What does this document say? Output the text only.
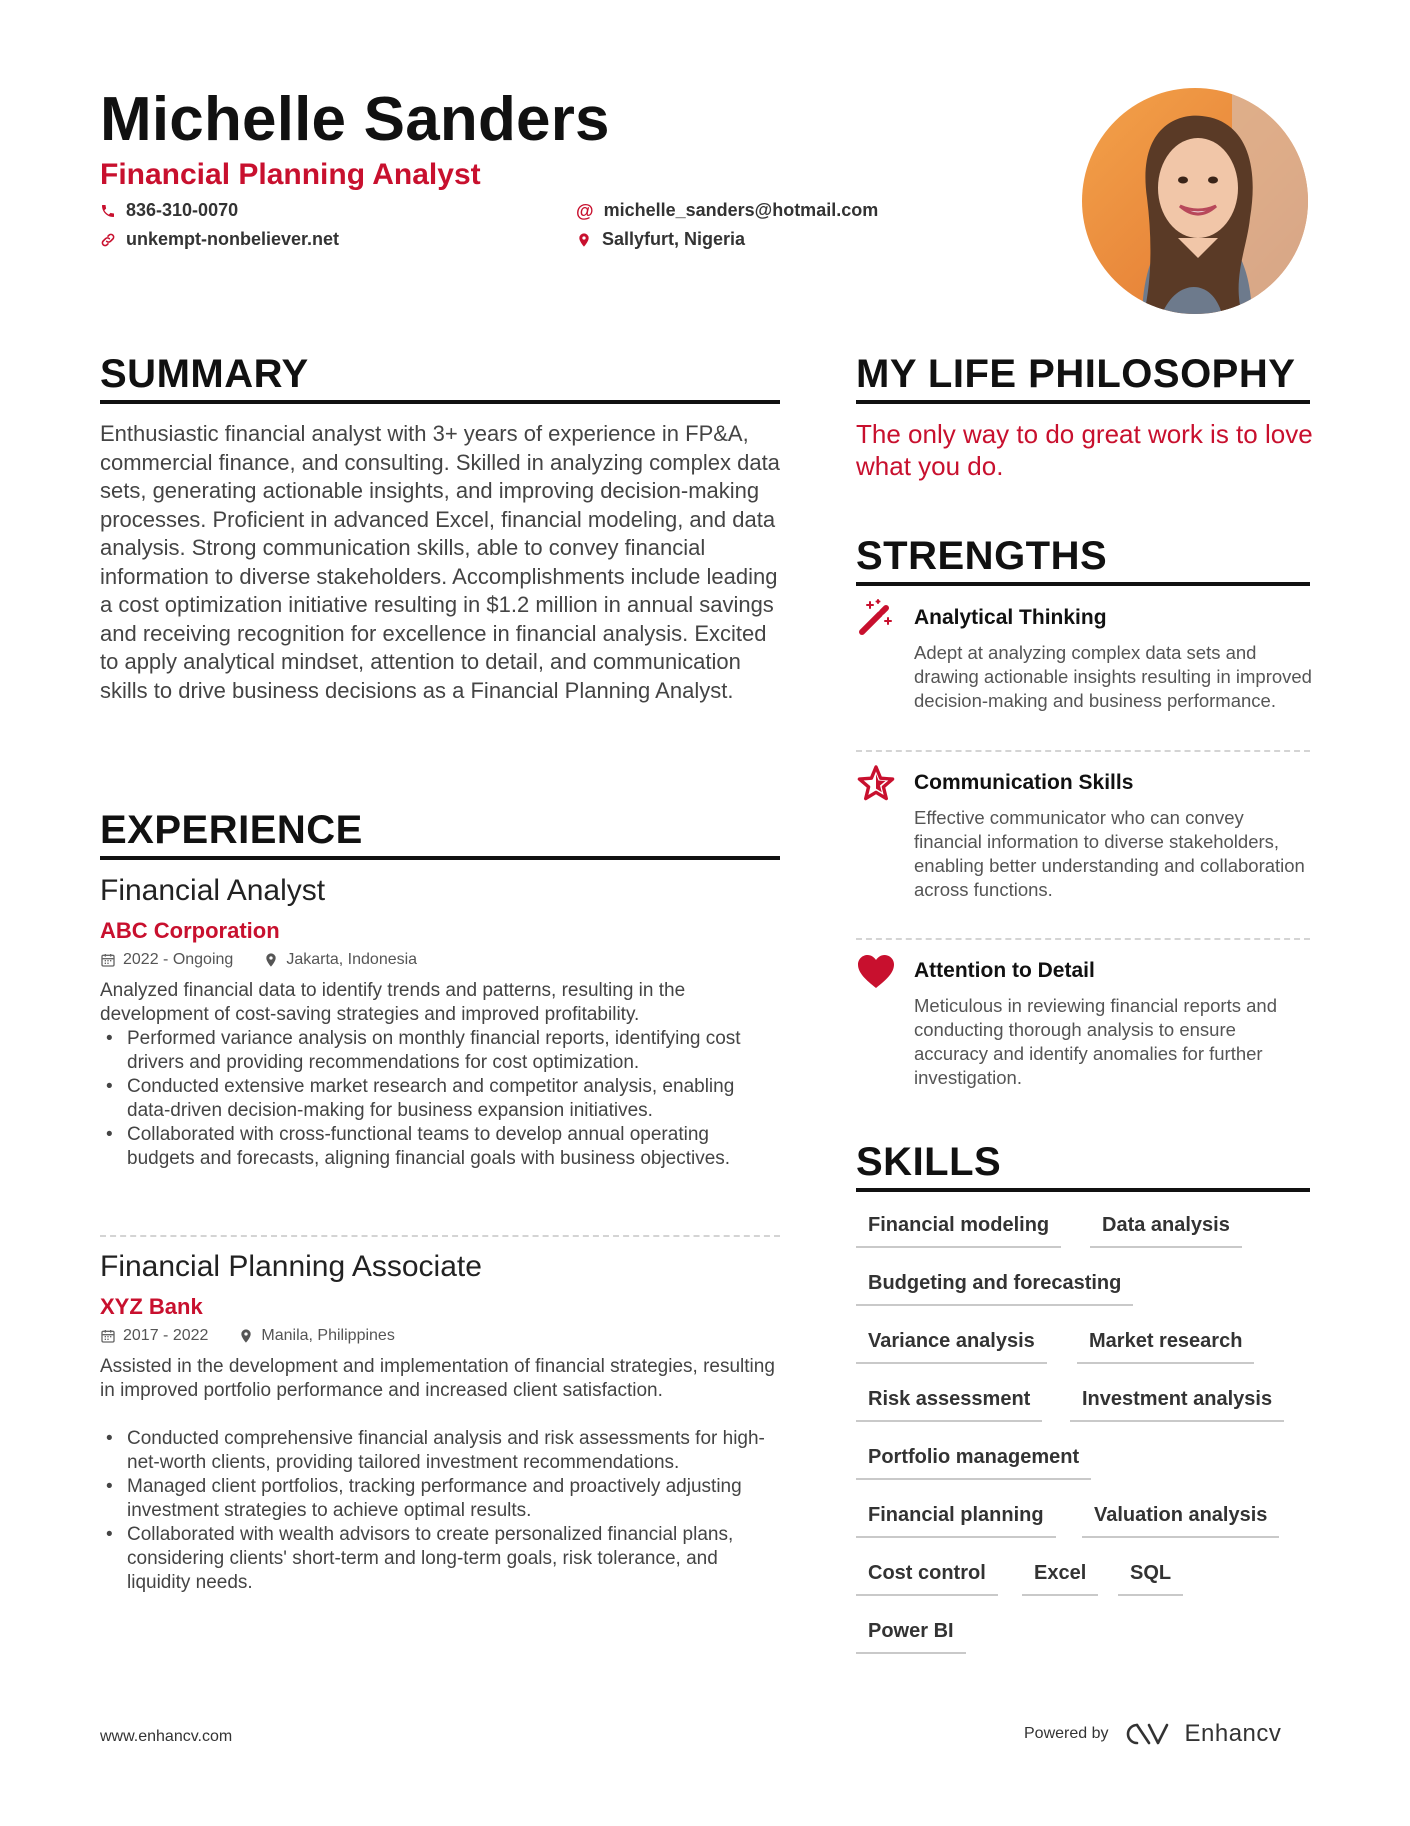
Michelle Sanders
Financial Planning Analyst
836-310-0070
unkempt-nonbeliever.net
@ michelle_sanders@hotmail.com
Sallyfurt, Nigeria
SUMMARY
Enthusiastic financial analyst with 3+ years of experience in FP&A, commercial finance, and consulting. Skilled in analyzing complex data sets, generating actionable insights, and improving decision-making processes. Proficient in advanced Excel, financial modeling, and data analysis. Strong communication skills, able to convey financial information to diverse stakeholders. Accomplishments include leading a cost optimization initiative resulting in $1.2 million in annual savings and receiving recognition for excellence in financial analysis. Excited to apply analytical mindset, attention to detail, and communication skills to drive business decisions as a Financial Planning Analyst.
EXPERIENCE
Financial Analyst
ABC Corporation
2022 - Ongoing	Jakarta, Indonesia
Analyzed financial data to identify trends and patterns, resulting in the development of cost-saving strategies and improved profitability.
• Performed variance analysis on monthly financial reports, identifying cost drivers and providing recommendations for cost optimization.
• Conducted extensive market research and competitor analysis, enabling data-driven decision-making for business expansion initiatives.
• Collaborated with cross-functional teams to develop annual operating budgets and forecasts, aligning financial goals with business objectives.
Financial Planning Associate
XYZ Bank
2017 - 2022	Manila, Philippines
Assisted in the development and implementation of financial strategies, resulting in improved portfolio performance and increased client satisfaction.
• Conducted comprehensive financial analysis and risk assessments for high-net-worth clients, providing tailored investment recommendations.
• Managed client portfolios, tracking performance and proactively adjusting investment strategies to achieve optimal results.
• Collaborated with wealth advisors to create personalized financial plans, considering clients' short-term and long-term goals, risk tolerance, and liquidity needs.
MY LIFE PHILOSOPHY
The only way to do great work is to love what you do.
STRENGTHS
Analytical Thinking
Adept at analyzing complex data sets and drawing actionable insights resulting in improved decision-making and business performance.
Communication Skills
Effective communicator who can convey financial information to diverse stakeholders, enabling better understanding and collaboration across functions.
Attention to Detail
Meticulous in reviewing financial reports and conducting thorough analysis to ensure accuracy and identify anomalies for further investigation.
SKILLS
Financial modeling	Data analysis
Budgeting and forecasting
Variance analysis	Market research
Risk assessment	Investment analysis
Portfolio management
Financial planning	Valuation analysis
Cost control	Excel	SQL
Power BI
www.enhancv.com	Powered by	Enhancv
